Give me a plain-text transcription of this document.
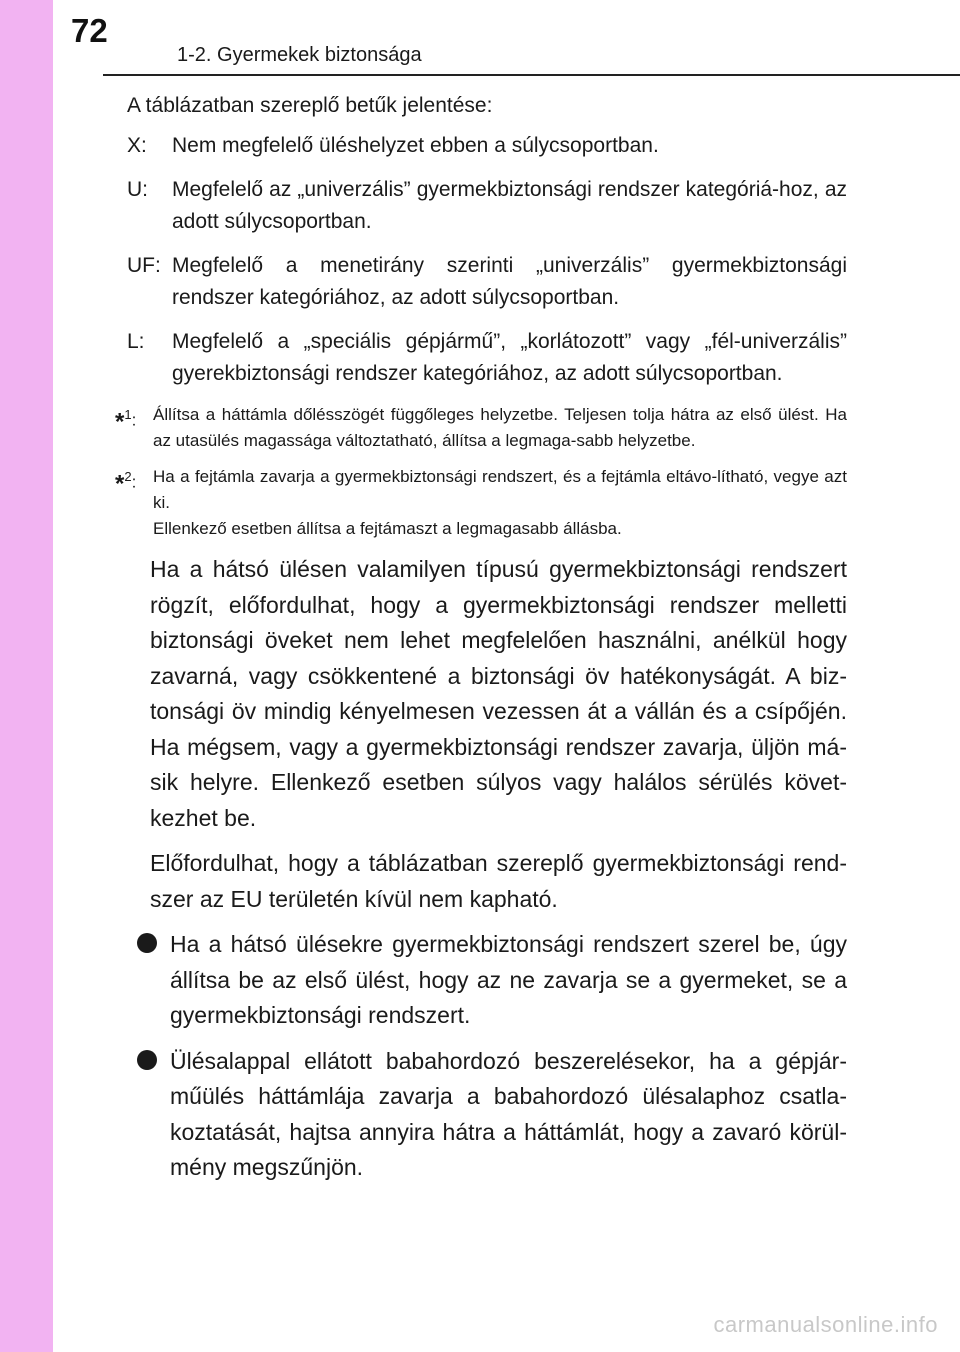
72
1-2. Gyermekek biztonsága
A táblázatban szereplő betűk jelentése:
X:	Nem megfelelő üléshelyzet ebben a súlycsoportban.
U:	Megfelelő az „univerzális” gyermekbiztonsági rendszer kategóriá-hoz, az adott súlycsoportban.
UF: Megfelelő a menetirány szerinti „univerzális” gyermekbiztonsági rendszer kategóriához, az adott súlycsoportban.
L:	Megfelelő a „speciális gépjármű”, „korlátozott” vagy „fél-univerzális” gyerekbiztonsági rendszer kategóriához, az adott súlycsoportban.
*$^1$: Állítsa a háttámla dőlésszögét függőleges helyzetbe. Teljesen tolja hátra az első ülést. Ha az utasülés magassága változtatható, állítsa a legmaga-sabb helyzetbe.
*$^2$: Ha a fejtámla zavarja a gyermekbiztonsági rendszert, és a fejtámla eltávo-lítható, vegye azt ki.
Ellenkező esetben állítsa a fejtámaszt a legmagasabb állásba.
Ha a hátsó ülésen valamilyen típusú gyermekbiztonsági rendszert rögzít, előfordulhat, hogy a gyermekbiztonsági rendszer melletti biztonsági öveket nem lehet megfelelően használni, anélkül hogy zavarná, vagy csökkentené a biztonsági öv hatékonyságát. A biz-tonsági öv mindig kényelmesen vezessen át a vállán és a csípőjén. Ha mégsem, vagy a gyermekbiztonsági rendszer zavarja, üljön má-sik helyre. Ellenkező esetben súlyos vagy halálos sérülés követ-kezhet be.
Előfordulhat, hogy a táblázatban szereplő gyermekbiztonsági rend-szer az EU területén kívül nem kapható.
Ha a hátsó ülésekre gyermekbiztonsági rendszert szerel be, úgy állítsa be az első ülést, hogy az ne zavarja se a gyermeket, se a gyermekbiztonsági rendszert.
Ülésalappal ellátott babahordozó beszerelésekor, ha a gépjár-műülés háttámlája zavarja a babahordozó ülésalaphoz csatla-koztatását, hajtsa annyira hátra a háttámlát, hogy a zavaró körül-mény megszűnjön.
carmanualsonline.info
